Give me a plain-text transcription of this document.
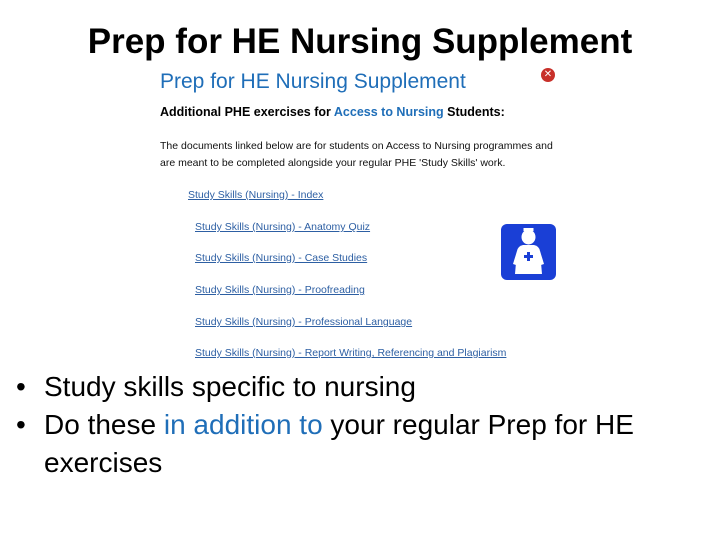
Prep for HE Nursing Supplement
Prep for HE Nursing Supplement	✕

Additional PHE exercises for Access to Nursing Students:

The documents linked below are for students on Access to Nursing programmes and are meant to be completed alongside your regular PHE 'Study Skills' work.

Study Skills (Nursing) - Index
Study Skills (Nursing) - Anatomy Quiz
Study Skills (Nursing) - Case Studies
Study Skills (Nursing) - Proofreading
Study Skills (Nursing) - Professional Language
Study Skills (Nursing) - Report Writing, Referencing and Plagiarism
• Study skills specific to nursing
• Do these in addition to your regular Prep for HE exercises
